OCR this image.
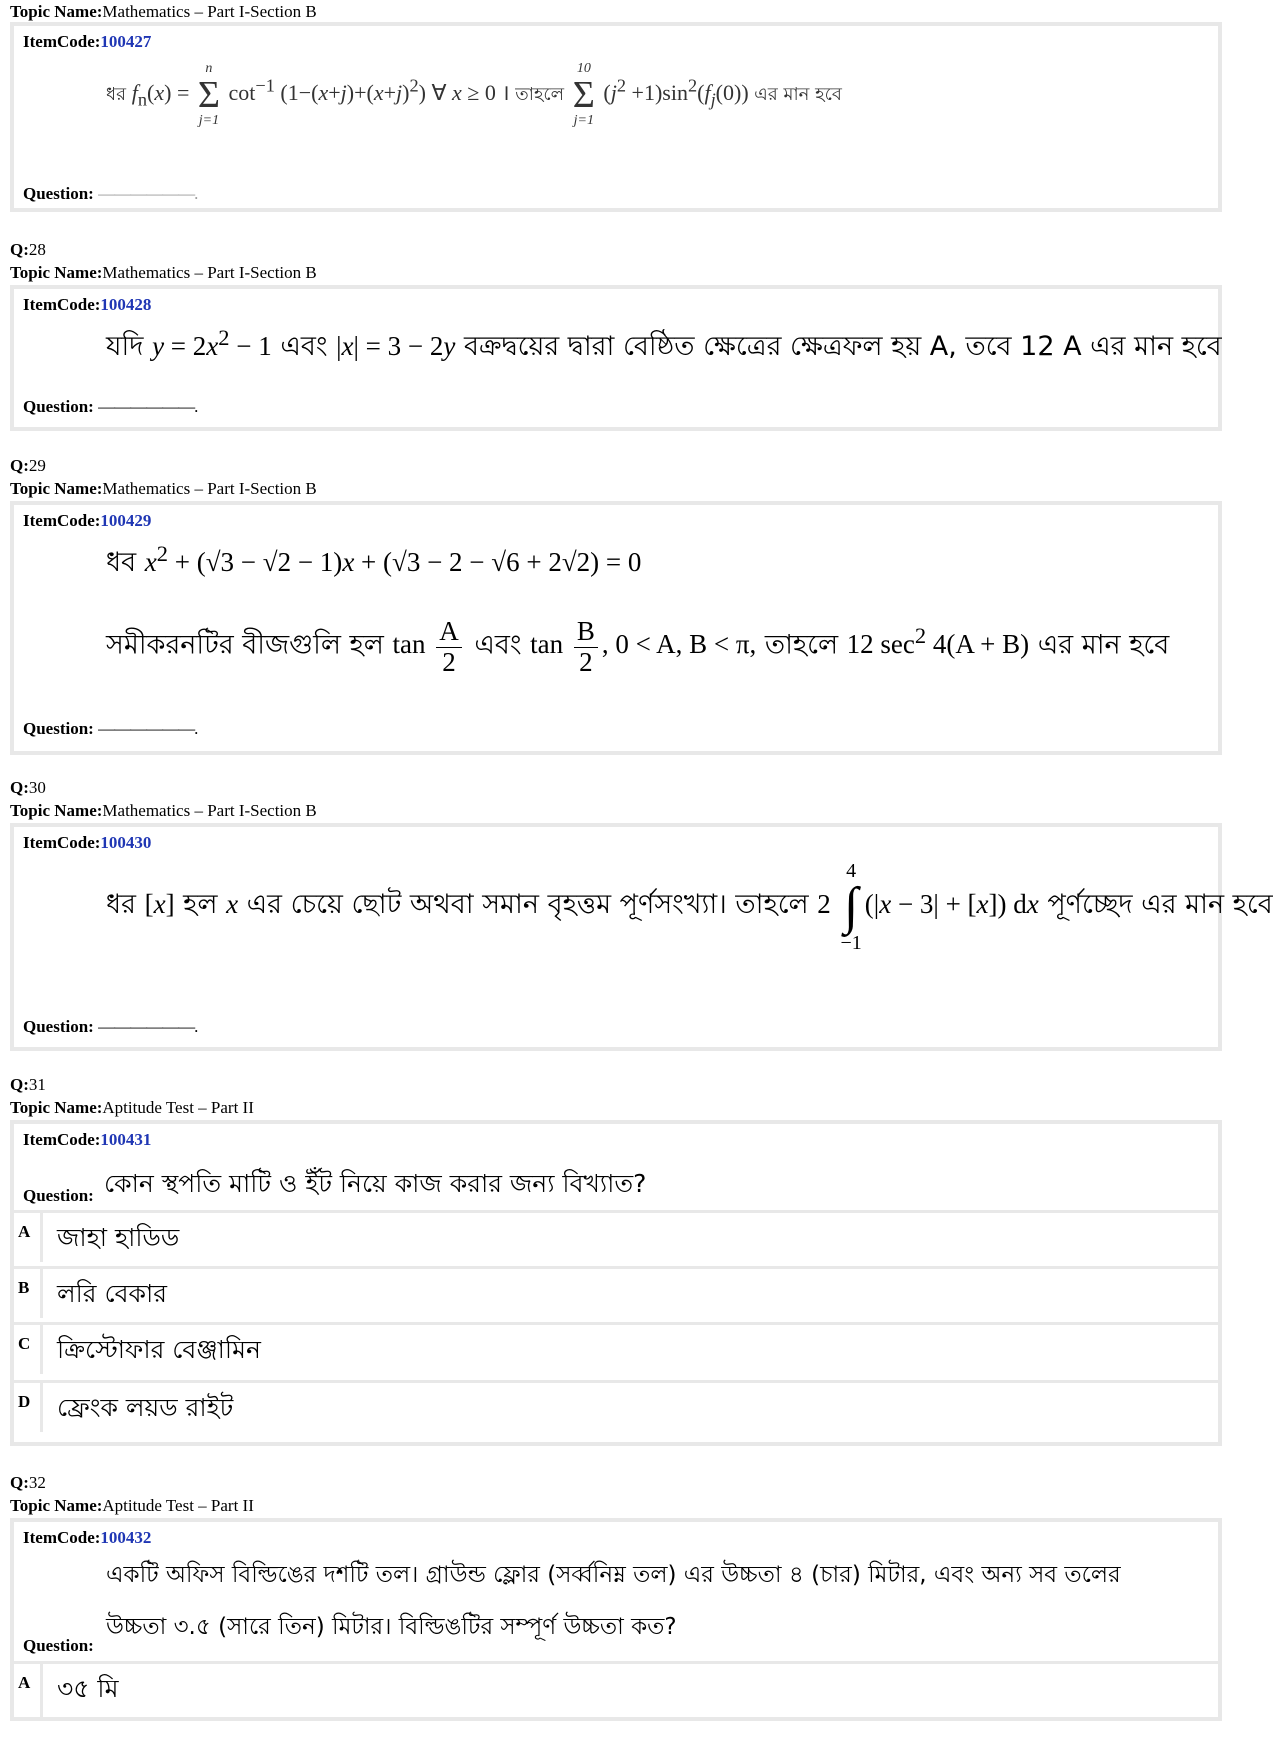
Topic Name:Mathematics – Part I-Section B
ItemCode:100427
ধর $f_n(x)$ =
n
Σ
j=1
$\cot^{-1} (1-(x+j)+(x+j)^2)$ ∀ x ≥ 0 । তাহলে
10
Σ
j=1
$(j^2 +1)\sin^2(f_j(0))$ এর মান হবে
Question: ——————.
Q:28
Topic Name:Mathematics – Part I-Section B
ItemCode:100428
যদি $y = 2x^2 - 1$ এবং |x| = 3 − 2y বক্রদ্বয়ের দ্বারা বেষ্ঠিত ক্ষেত্রের ক্ষেত্রফল হয় A, তবে 12 A এর মান হবে
Question: ——————.
Q:29
Topic Name:Mathematics – Part I-Section B
ItemCode:100429
ধব $x^2 + (√3 - √2 - 1)x + (√3 - 2 - √6 + 2√2) = 0$
সমীকরনটির বীজগুলি হল $\tan \frac{A}{2}$ এবং $\tan \frac{B}{2}$ , 0 < A, B < π, তাহলে 12 $\sec^2 4(A + B)$ এর মান হবে
Question: ——————.
Q:30
Topic Name:Mathematics – Part I-Section B
ItemCode:100430
ধর [x] হল x এর চেয়ে ছোট অথবা সমান বৃহত্তম পূর্ণসংখ্যা। তাহলে 2
4
∫
−1
(|x − 3| + [x]) dx পূর্ণচ্ছেদ এর মান হবে
Question: ——————.
Q:31
Topic Name:Aptitude Test – Part II
ItemCode:100431
Question: কোন স্থপতি মাটি ও ইঁট নিয়ে কাজ করার জন্য বিখ্যাত?
A	জাহা হাডিড
B	লরি বেকার
C	ক্রিস্টোফার বেঞ্জামিন
D	ফ্রেংক লয়ড রাইট
Q:32
Topic Name:Aptitude Test – Part II
ItemCode:100432
একটি অফিস বিল্ডিঙের দশটি তল। গ্রাউন্ড ফ্লোর (সর্ব্বনিম্ন তল) এর উচ্চতা ৪ (চার) মিটার, এবং অন্য সব তলের
উচ্চতা ৩.৫ (সারে তিন) মিটার। বিল্ডিঙটির সম্পূর্ণ উচ্চতা কত?
Question:
A	৩৫ মি
